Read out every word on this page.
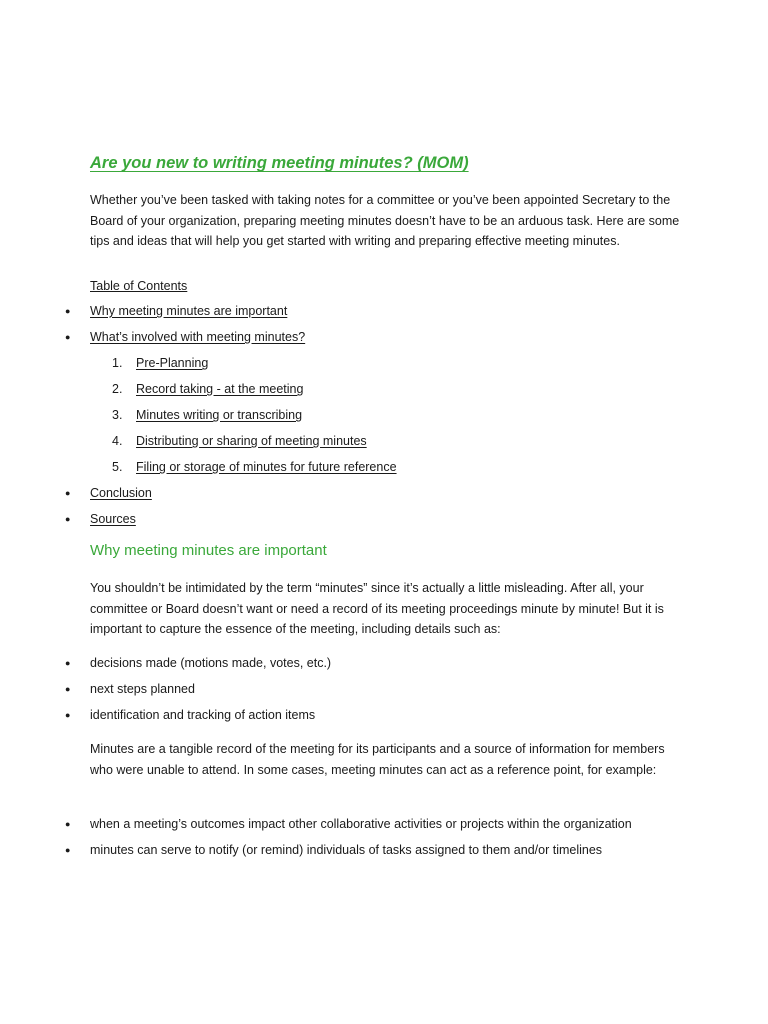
Are you new to writing meeting minutes? (MOM)

Whether you’ve been tasked with taking notes for a committee or you’ve been appointed Secretary to the Board of your organization, preparing meeting minutes doesn’t have to be an arduous task. Here are some tips and ideas that will help you get started with writing and preparing effective meeting minutes.

Table of Contents
● Why meeting minutes are important
● What’s involved with meeting minutes?
1. Pre-Planning
2. Record taking - at the meeting
3. Minutes writing or transcribing
4. Distributing or sharing of meeting minutes
5. Filing or storage of minutes for future reference
● Conclusion
● Sources
Why meeting minutes are important

You shouldn’t be intimidated by the term “minutes” since it’s actually a little misleading. After all, your committee or Board doesn’t want or need a record of its meeting proceedings minute by minute! But it is important to capture the essence of the meeting, including details such as:

● decisions made (motions made, votes, etc.)
● next steps planned
● identification and tracking of action items

Minutes are a tangible record of the meeting for its participants and a source of information for members who were unable to attend. In some cases, meeting minutes can act as a reference point, for example:

● when a meeting’s outcomes impact other collaborative activities or projects within the organization
● minutes can serve to notify (or remind) individuals of tasks assigned to them and/or timelines
